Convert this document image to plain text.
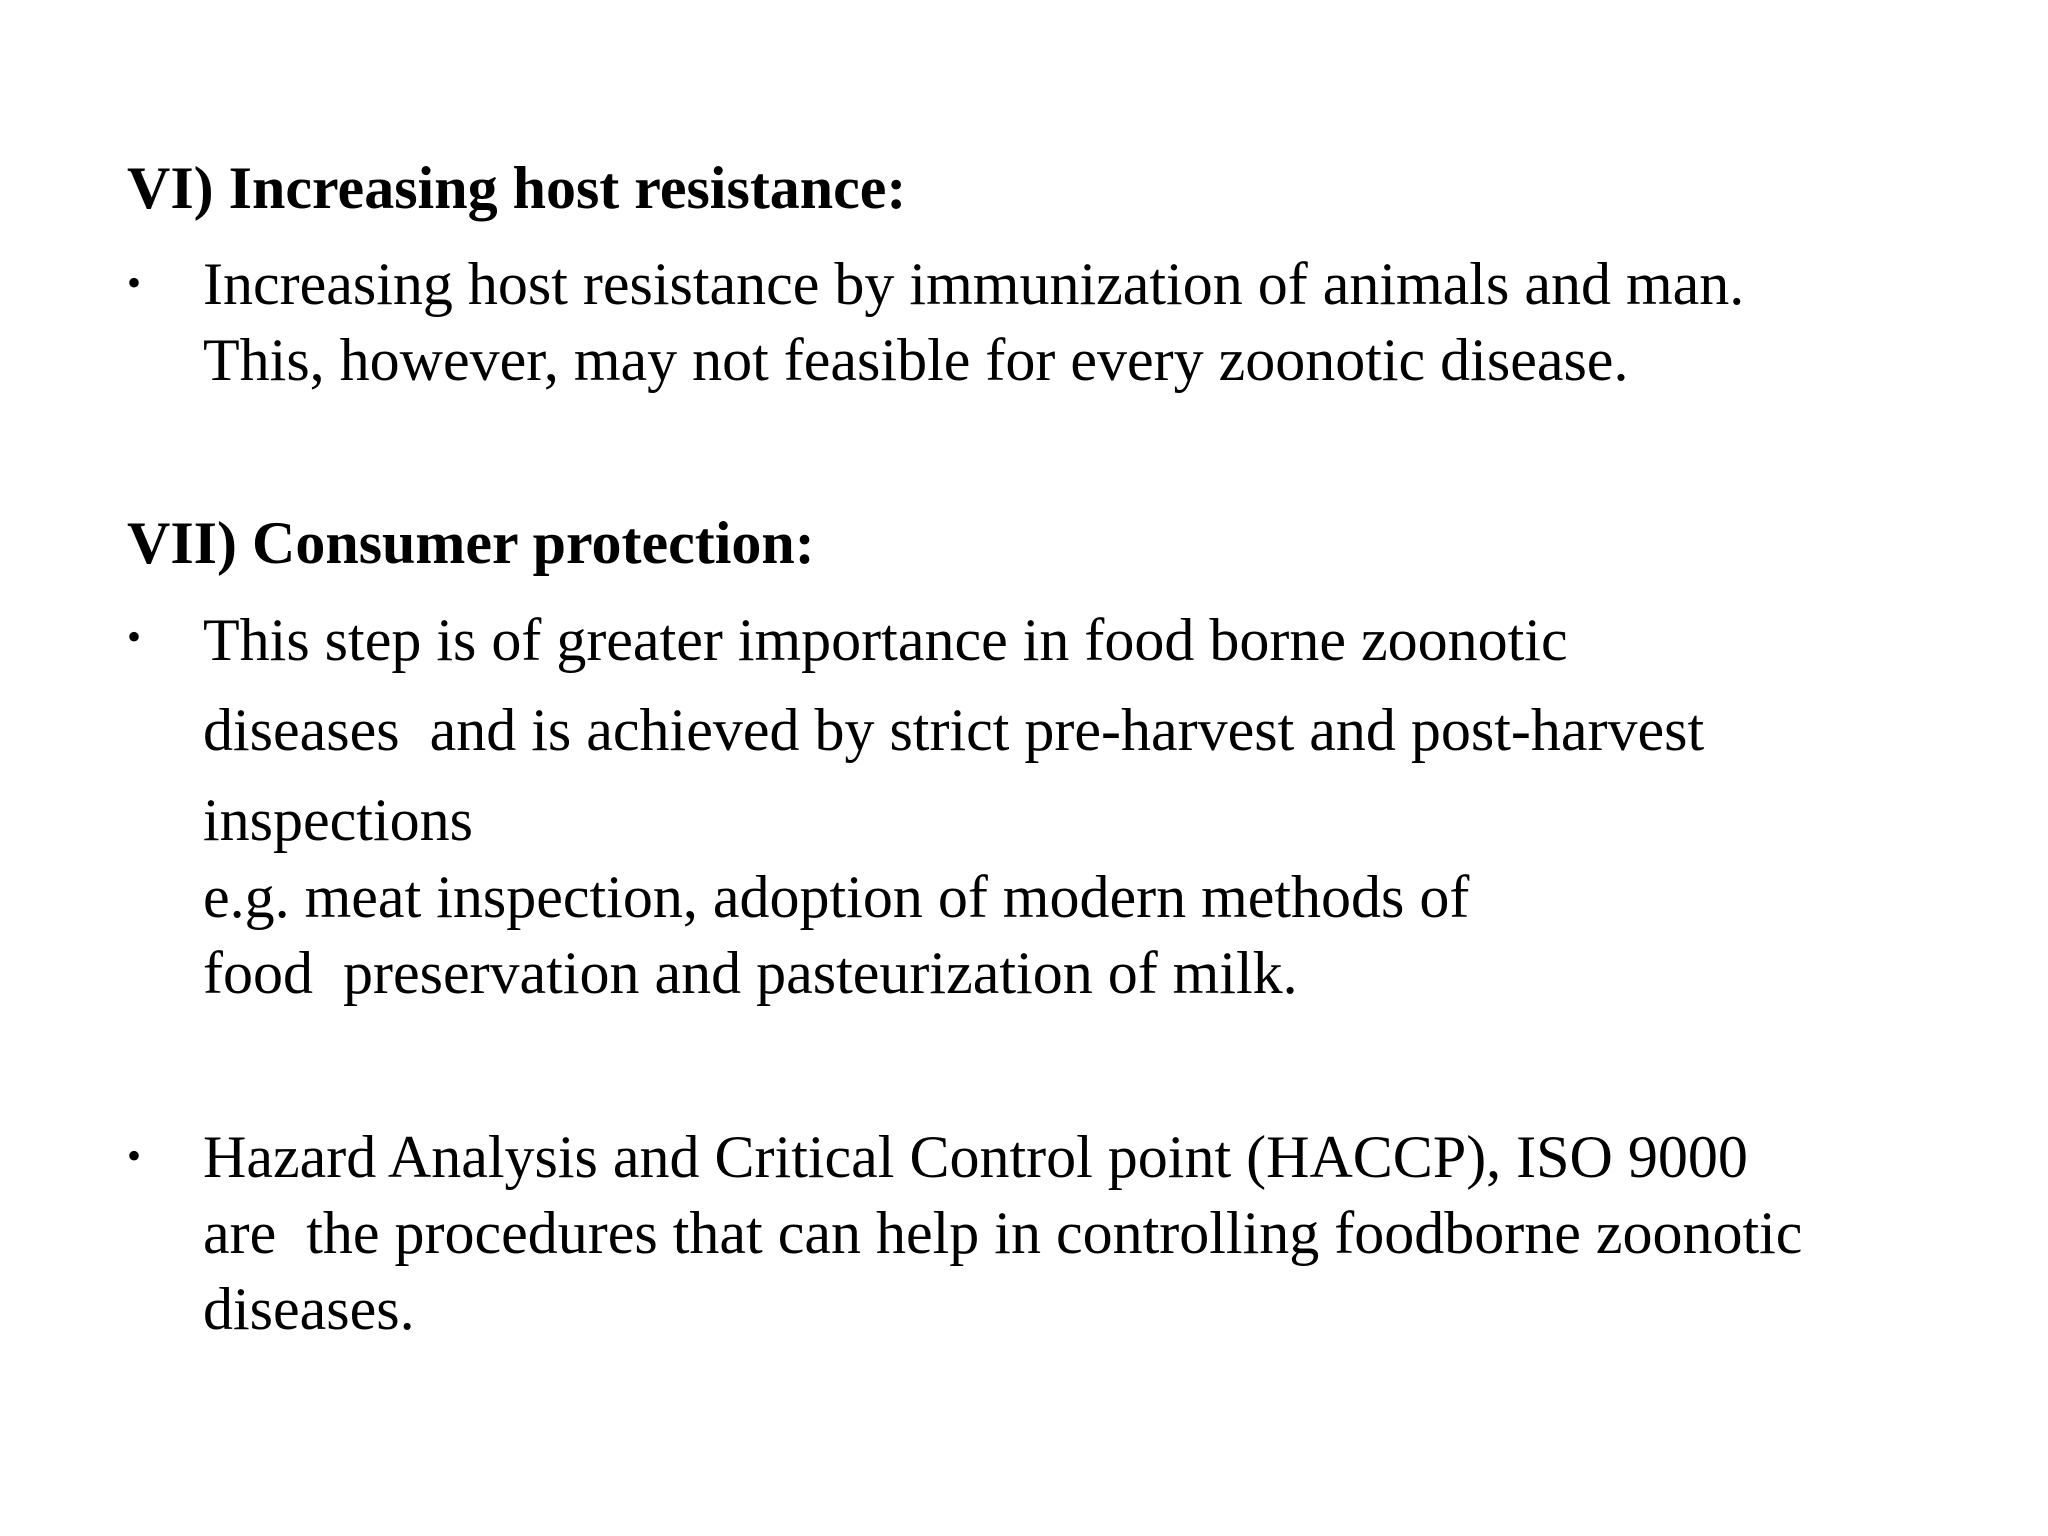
VI) Increasing host resistance:
• Increasing host resistance by immunization of animals and man.
This, however, may not feasible for every zoonotic disease.
VII) Consumer protection:
• This step is of greater importance in food borne zoonotic
diseases  and is achieved by strict pre-harvest and post-harvest
inspections
e.g. meat inspection, adoption of modern methods of
food  preservation and pasteurization of milk.
• Hazard Analysis and Critical Control point (HACCP), ISO 9000
are  the procedures that can help in controlling foodborne zoonotic
diseases.
